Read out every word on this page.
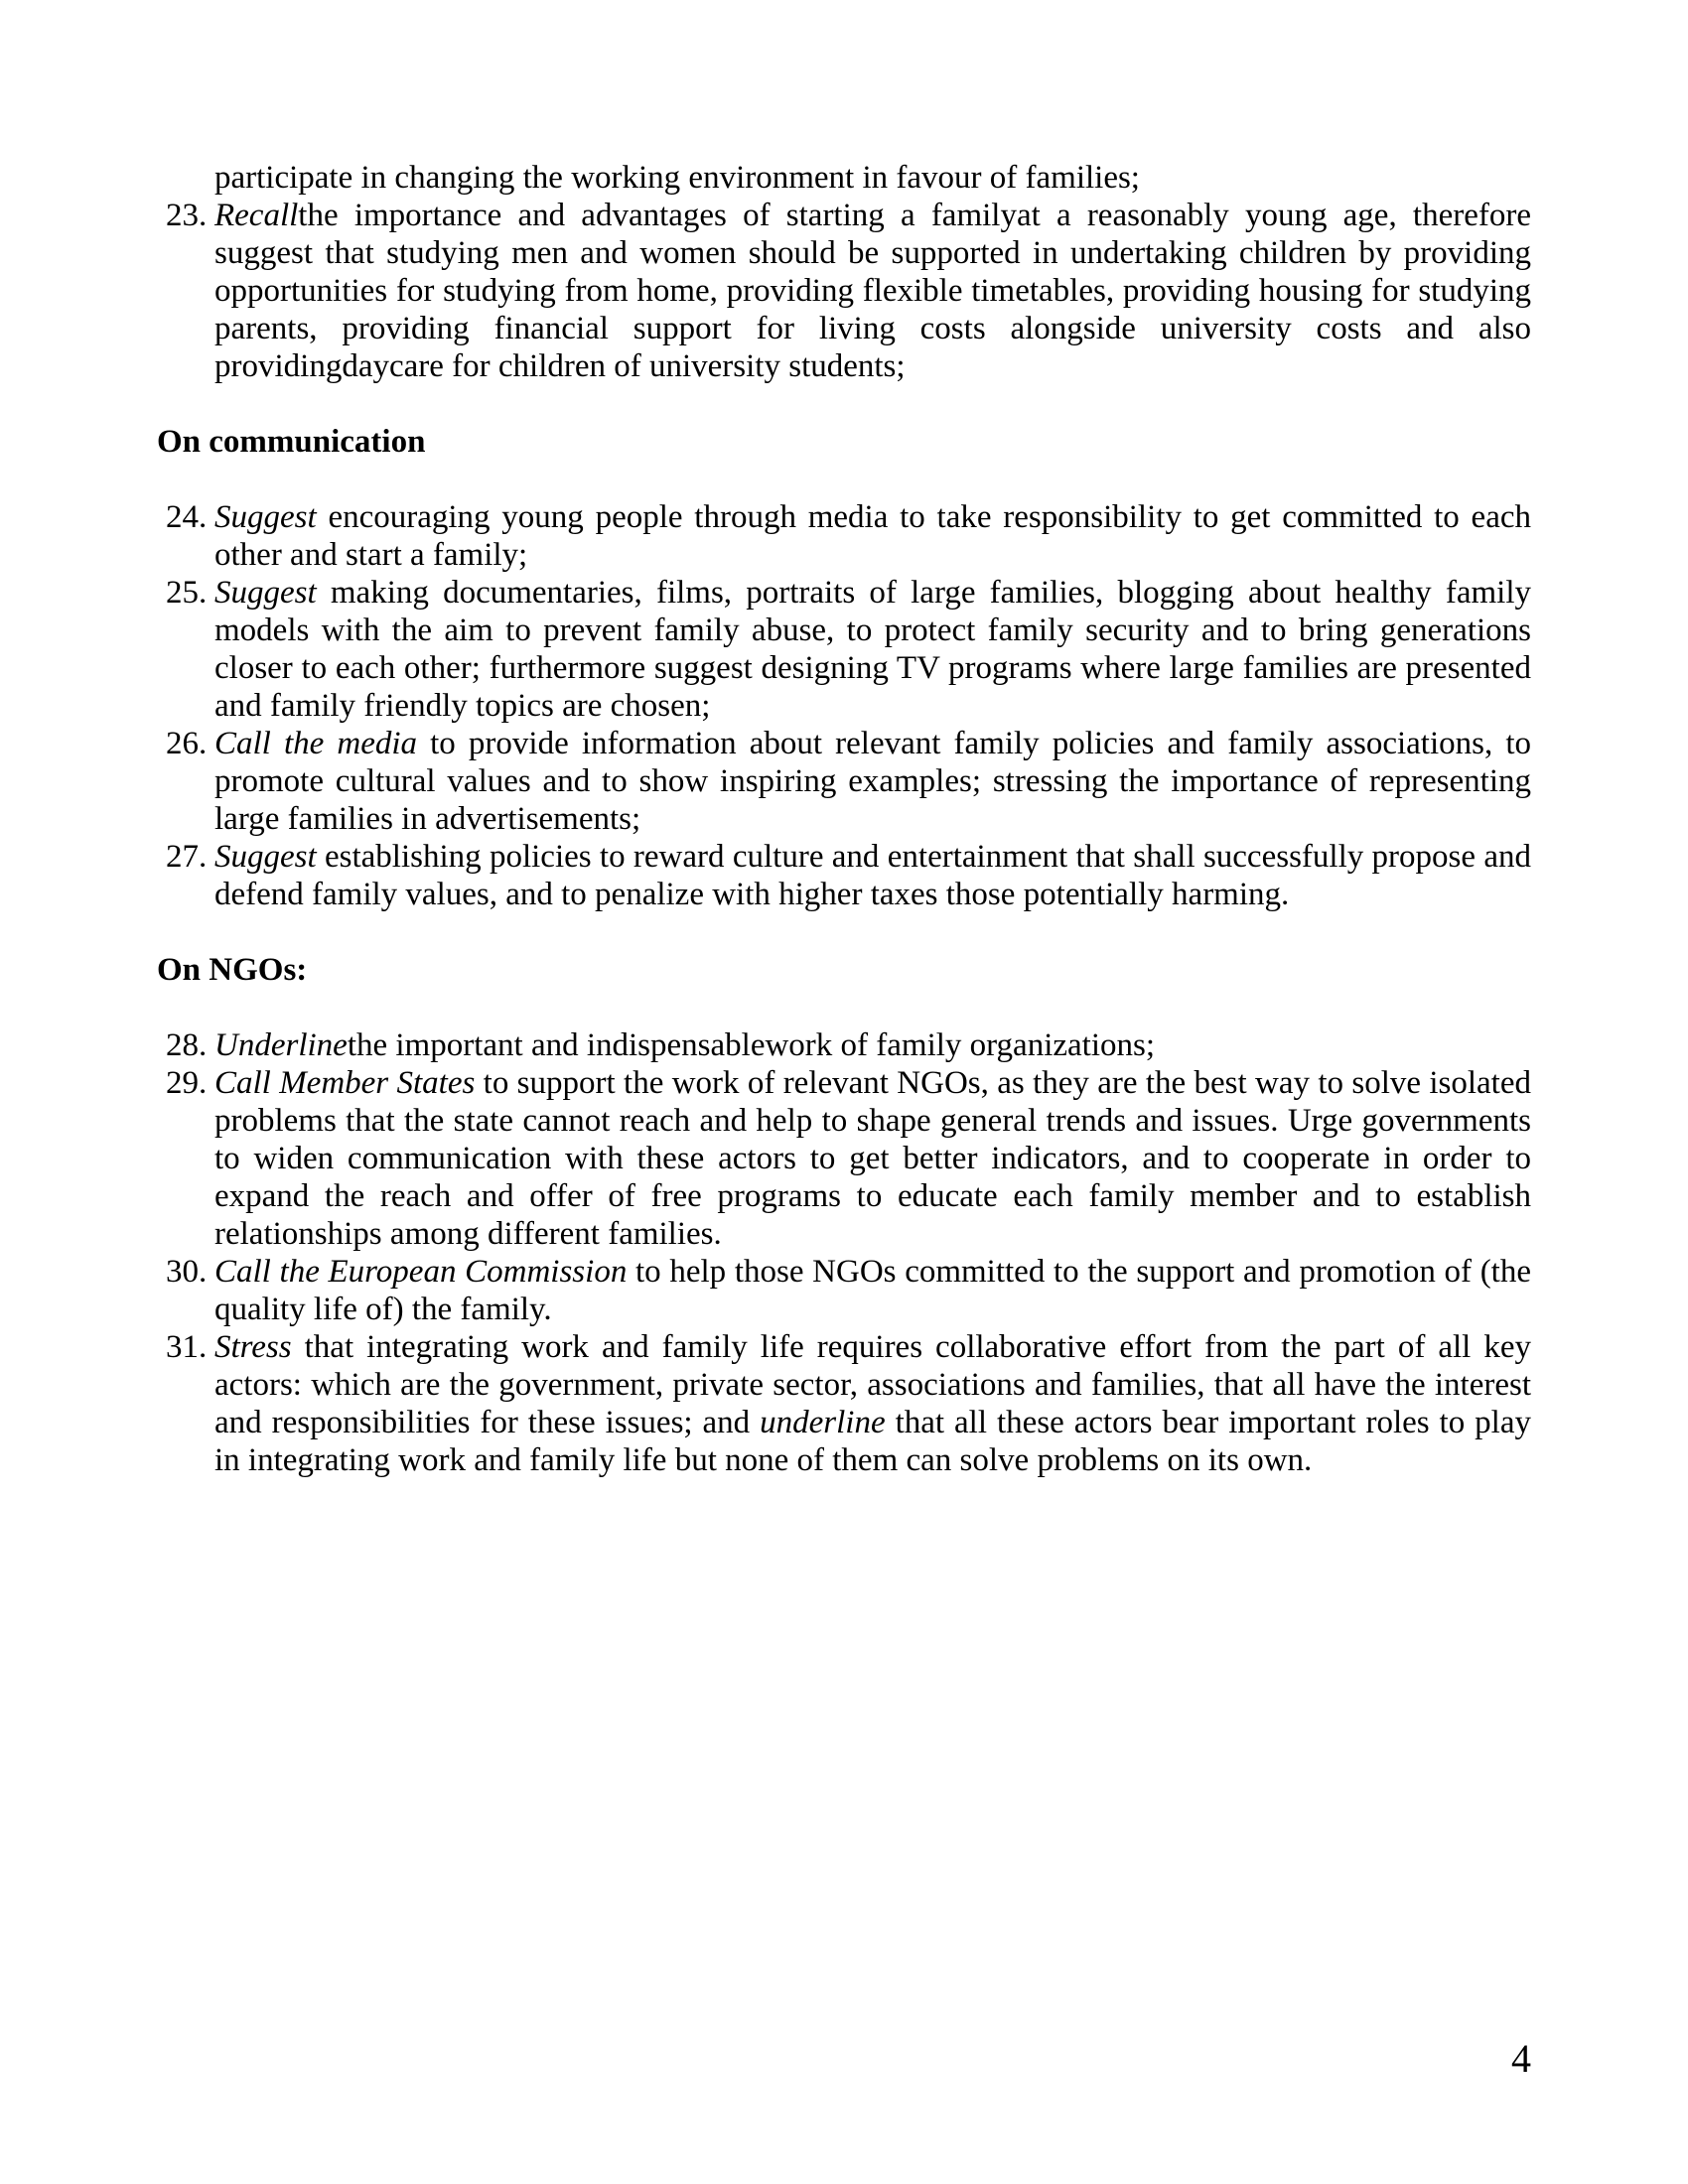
participate in changing the working environment in favour of families;

23. Recallthe importance and advantages of starting a familyat a reasonably young age, therefore suggest that studying men and women should be supported in undertaking children by providing opportunities for studying from home, providing flexible timetables, providing housing for studying parents, providing financial support for living costs alongside university costs and also providingdaycare for children of university students;
On communication
24. Suggest encouraging young people through media to take responsibility to get committed to each other and start a family;
25. Suggest making documentaries, films, portraits of large families, blogging about healthy family models with the aim to prevent family abuse, to protect family security and to bring generations closer to each other; furthermore suggest designing TV programs where large families are presented and family friendly topics are chosen;
26. Call the media to provide information about relevant family policies and family associations, to promote cultural values and to show inspiring examples; stressing the importance of representing large families in advertisements;
27. Suggest establishing policies to reward culture and entertainment that shall successfully propose and defend family values, and to penalize with higher taxes those potentially harming.
On NGOs:
28. Underlinethe important and indispensablework of family organizations;
29. Call Member States to support the work of relevant NGOs, as they are the best way to solve isolated problems that the state cannot reach and help to shape general trends and issues. Urge governments to widen communication with these actors to get better indicators, and to cooperate in order to expand the reach and offer of free programs to educate each family member and to establish relationships among different families.
30. Call the European Commission to help those NGOs committed to the support and promotion of (the quality life of) the family.
31. Stress that integrating work and family life requires collaborative effort from the part of all key actors: which are the government, private sector, associations and families, that all have the interest and responsibilities for these issues; and underline that all these actors bear important roles to play in integrating work and family life but none of them can solve problems on its own.
4
